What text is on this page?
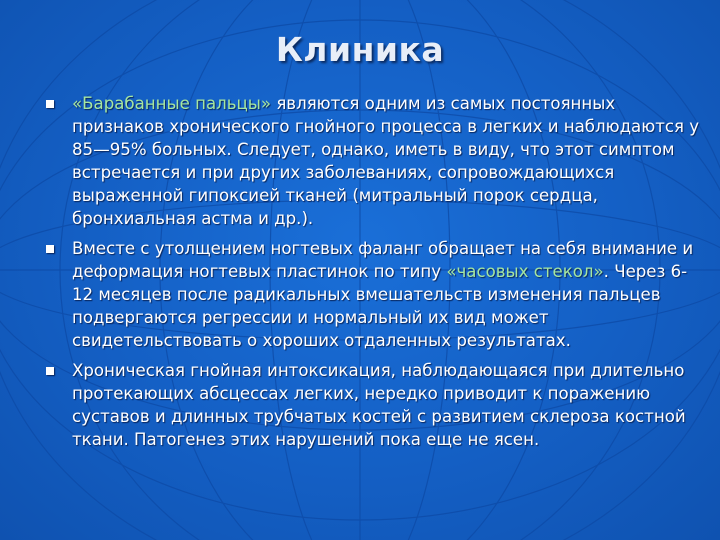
Клиника
«Барабанные пальцы» являются одним из самых постоянных признаков хронического гнойного процесса в легких и наблюдаются у 85—95% больных. Следует, однако, иметь в виду, что этот симптом встречается и при других заболеваниях, сопровождающихся выраженной гипоксией тканей (митральный порок сердца, бронхиальная астма и др.).
Вместе с утолщением ногтевых фаланг обращает на себя внимание и деформация ногтевых пластинок по типу «часовых стекол». Через 6-12 месяцев после радикальных вмешательств изменения пальцев подвергаются регрессии и нормальный их вид может свидетельствовать о хороших отдаленных результатах.
Хроническая гнойная интоксикация, наблюдающаяся при длительно протекающих абсцессах легких, нередко приводит к поражению суставов и длинных трубчатых костей с развитием склероза костной ткани. Патогенез этих нарушений пока еще не ясен.
